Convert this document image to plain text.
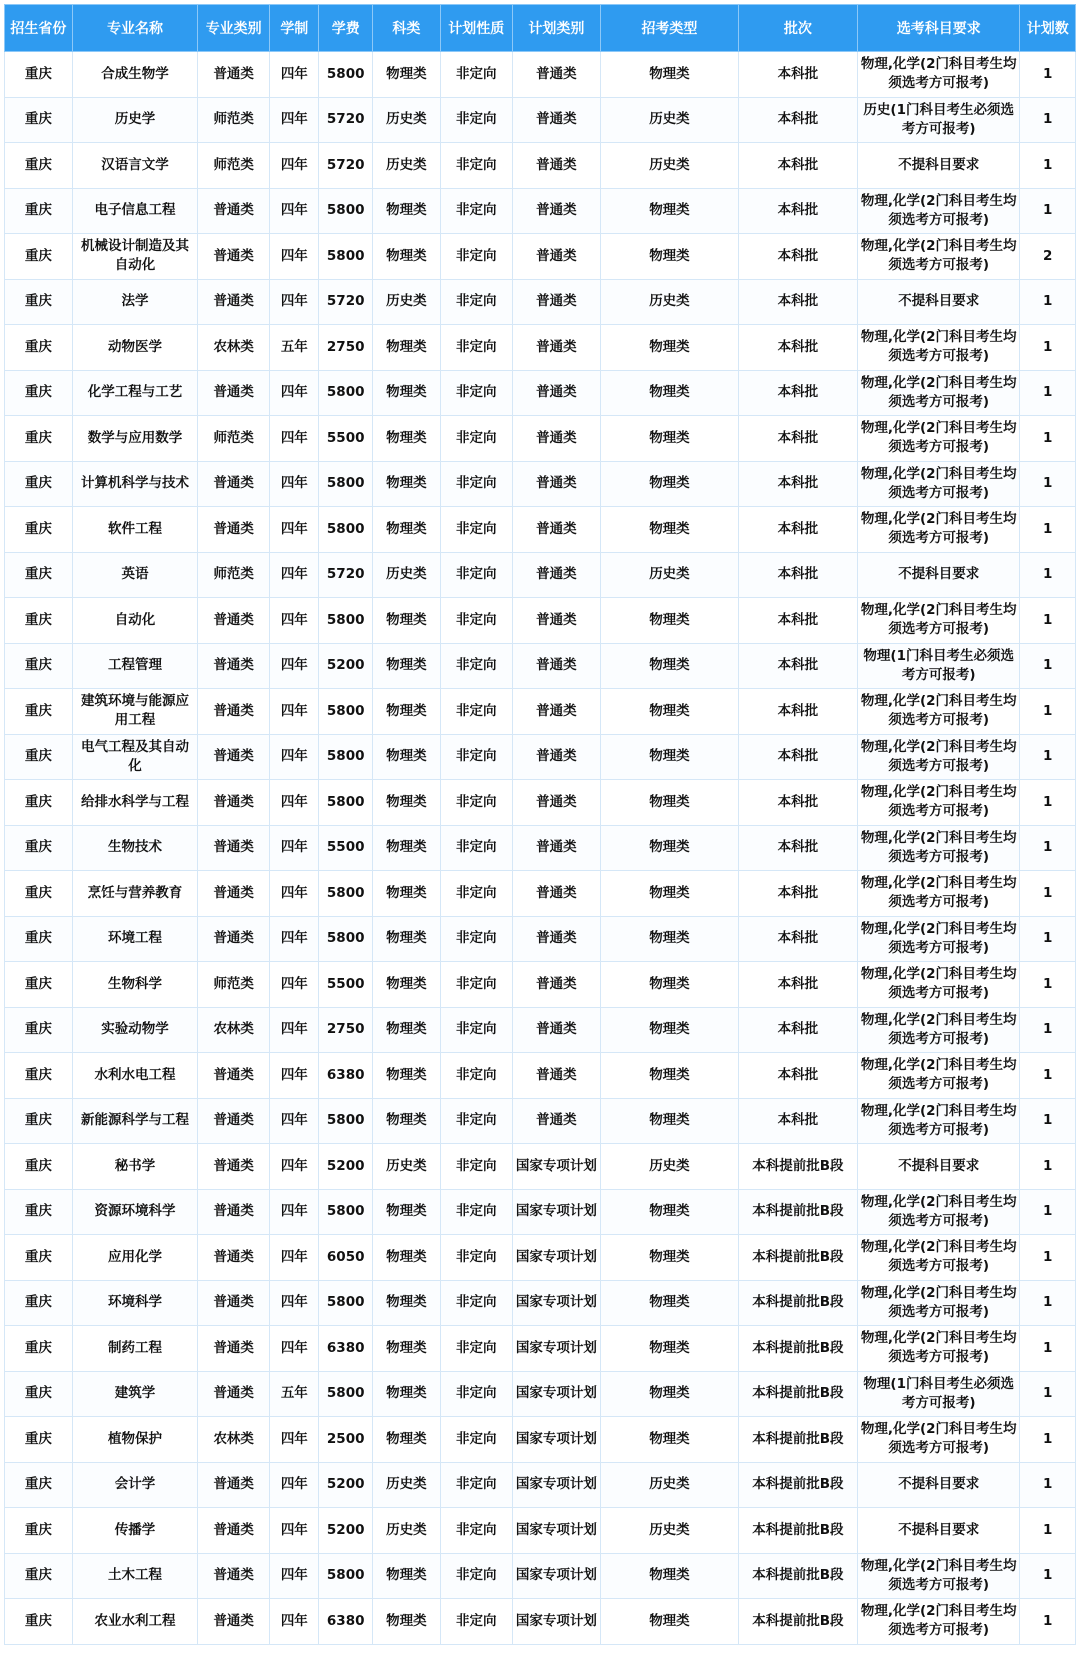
招生省份	专业名称	专业类别	学制	学费	科类	计划性质	计划类别	招考类型	批次	选考科目要求	计划数
重庆	合成生物学	普通类	四年	5800	物理类	非定向	普通类	物理类	本科批	物理,化学(2门科目考生均须选考方可报考)	1
重庆	历史学	师范类	四年	5720	历史类	非定向	普通类	历史类	本科批	历史(1门科目考生必须选考方可报考)	1
重庆	汉语言文学	师范类	四年	5720	历史类	非定向	普通类	历史类	本科批	不提科目要求	1
重庆	电子信息工程	普通类	四年	5800	物理类	非定向	普通类	物理类	本科批	物理,化学(2门科目考生均须选考方可报考)	1
重庆	机械设计制造及其自动化	普通类	四年	5800	物理类	非定向	普通类	物理类	本科批	物理,化学(2门科目考生均须选考方可报考)	2
重庆	法学	普通类	四年	5720	历史类	非定向	普通类	历史类	本科批	不提科目要求	1
重庆	动物医学	农林类	五年	2750	物理类	非定向	普通类	物理类	本科批	物理,化学(2门科目考生均须选考方可报考)	1
重庆	化学工程与工艺	普通类	四年	5800	物理类	非定向	普通类	物理类	本科批	物理,化学(2门科目考生均须选考方可报考)	1
重庆	数学与应用数学	师范类	四年	5500	物理类	非定向	普通类	物理类	本科批	物理,化学(2门科目考生均须选考方可报考)	1
重庆	计算机科学与技术	普通类	四年	5800	物理类	非定向	普通类	物理类	本科批	物理,化学(2门科目考生均须选考方可报考)	1
重庆	软件工程	普通类	四年	5800	物理类	非定向	普通类	物理类	本科批	物理,化学(2门科目考生均须选考方可报考)	1
重庆	英语	师范类	四年	5720	历史类	非定向	普通类	历史类	本科批	不提科目要求	1
重庆	自动化	普通类	四年	5800	物理类	非定向	普通类	物理类	本科批	物理,化学(2门科目考生均须选考方可报考)	1
重庆	工程管理	普通类	四年	5200	物理类	非定向	普通类	物理类	本科批	物理(1门科目考生必须选考方可报考)	1
重庆	建筑环境与能源应用工程	普通类	四年	5800	物理类	非定向	普通类	物理类	本科批	物理,化学(2门科目考生均须选考方可报考)	1
重庆	电气工程及其自动化	普通类	四年	5800	物理类	非定向	普通类	物理类	本科批	物理,化学(2门科目考生均须选考方可报考)	1
重庆	给排水科学与工程	普通类	四年	5800	物理类	非定向	普通类	物理类	本科批	物理,化学(2门科目考生均须选考方可报考)	1
重庆	生物技术	普通类	四年	5500	物理类	非定向	普通类	物理类	本科批	物理,化学(2门科目考生均须选考方可报考)	1
重庆	烹饪与营养教育	普通类	四年	5800	物理类	非定向	普通类	物理类	本科批	物理,化学(2门科目考生均须选考方可报考)	1
重庆	环境工程	普通类	四年	5800	物理类	非定向	普通类	物理类	本科批	物理,化学(2门科目考生均须选考方可报考)	1
重庆	生物科学	师范类	四年	5500	物理类	非定向	普通类	物理类	本科批	物理,化学(2门科目考生均须选考方可报考)	1
重庆	实验动物学	农林类	四年	2750	物理类	非定向	普通类	物理类	本科批	物理,化学(2门科目考生均须选考方可报考)	1
重庆	水利水电工程	普通类	四年	6380	物理类	非定向	普通类	物理类	本科批	物理,化学(2门科目考生均须选考方可报考)	1
重庆	新能源科学与工程	普通类	四年	5800	物理类	非定向	普通类	物理类	本科批	物理,化学(2门科目考生均须选考方可报考)	1
重庆	秘书学	普通类	四年	5200	历史类	非定向	国家专项计划	历史类	本科提前批B段	不提科目要求	1
重庆	资源环境科学	普通类	四年	5800	物理类	非定向	国家专项计划	物理类	本科提前批B段	物理,化学(2门科目考生均须选考方可报考)	1
重庆	应用化学	普通类	四年	6050	物理类	非定向	国家专项计划	物理类	本科提前批B段	物理,化学(2门科目考生均须选考方可报考)	1
重庆	环境科学	普通类	四年	5800	物理类	非定向	国家专项计划	物理类	本科提前批B段	物理,化学(2门科目考生均须选考方可报考)	1
重庆	制药工程	普通类	四年	6380	物理类	非定向	国家专项计划	物理类	本科提前批B段	物理,化学(2门科目考生均须选考方可报考)	1
重庆	建筑学	普通类	五年	5800	物理类	非定向	国家专项计划	物理类	本科提前批B段	物理(1门科目考生必须选考方可报考)	1
重庆	植物保护	农林类	四年	2500	物理类	非定向	国家专项计划	物理类	本科提前批B段	物理,化学(2门科目考生均须选考方可报考)	1
重庆	会计学	普通类	四年	5200	历史类	非定向	国家专项计划	历史类	本科提前批B段	不提科目要求	1
重庆	传播学	普通类	四年	5200	历史类	非定向	国家专项计划	历史类	本科提前批B段	不提科目要求	1
重庆	土木工程	普通类	四年	5800	物理类	非定向	国家专项计划	物理类	本科提前批B段	物理,化学(2门科目考生均须选考方可报考)	1
重庆	农业水利工程	普通类	四年	6380	物理类	非定向	国家专项计划	物理类	本科提前批B段	物理,化学(2门科目考生均须选考方可报考)	1
